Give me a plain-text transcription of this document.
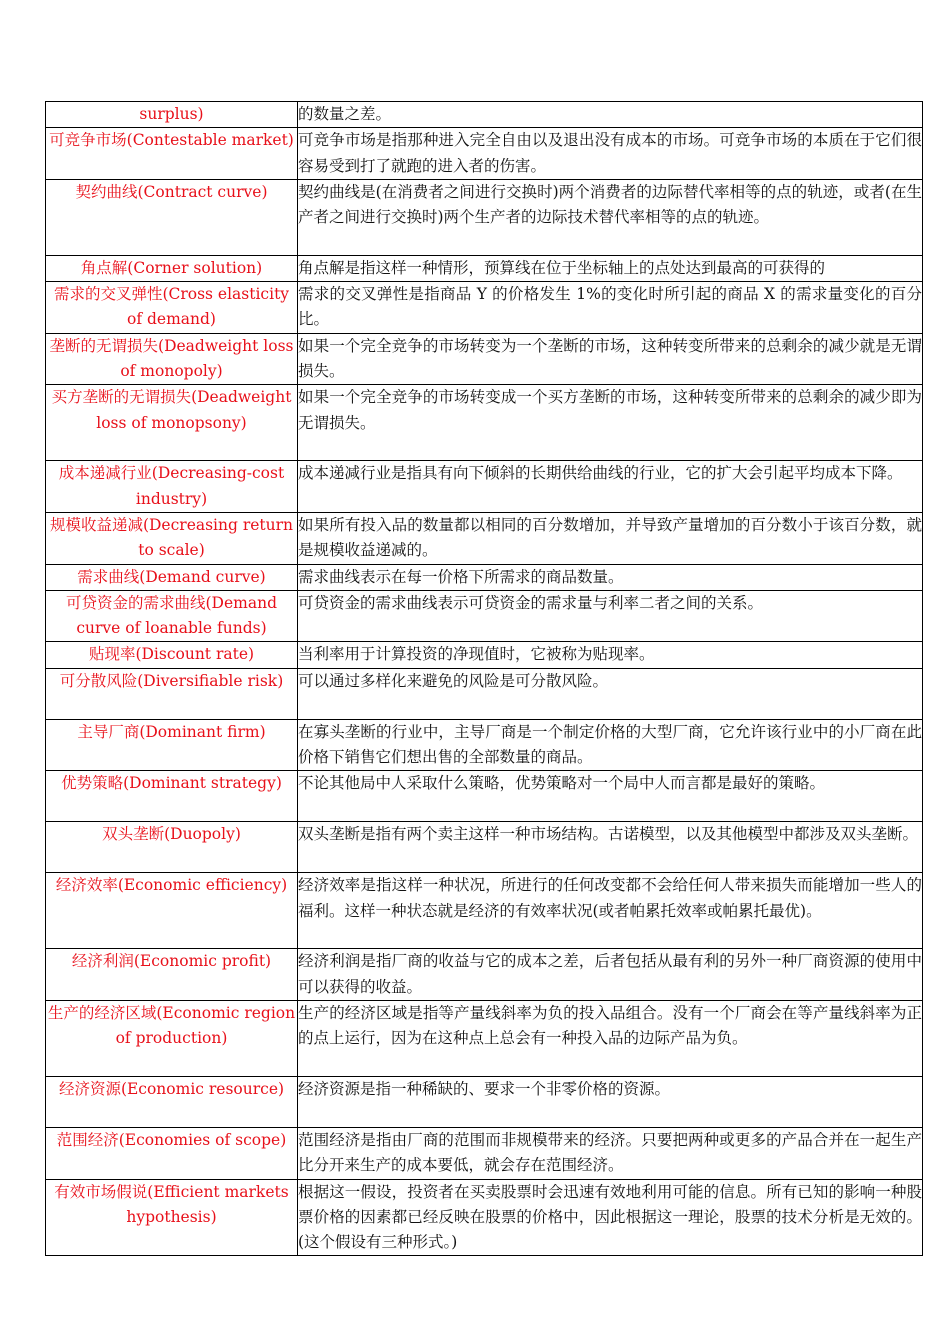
surplus)	的数量之差。
可竞争市场(Contestable market)	可竞争市场是指那种进入完全自由以及退出没有成本的市场。可竞争市场的本质在于它们很容易受到打了就跑的进入者的伤害。
契约曲线(Contract curve)	契约曲线是(在消费者之间进行交换时)两个消费者的边际替代率相等的点的轨迹，或者(在生产者之间进行交换时)两个生产者的边际技术替代率相等的点的轨迹。
角点解(Corner solution)	角点解是指这样一种情形，预算线在位于坐标轴上的点处达到最高的可获得的
需求的交叉弹性(Cross elasticity of demand)	需求的交叉弹性是指商品 Y 的价格发生 1%的变化时所引起的商品 X 的需求量变化的百分比。
垄断的无谓损失(Deadweight loss of monopoly)	如果一个完全竞争的市场转变为一个垄断的市场，这种转变所带来的总剩余的减少就是无谓损失。
买方垄断的无谓损失(Deadweight loss of monopsony)	如果一个完全竞争的市场转变成一个买方垄断的市场，这种转变所带来的总剩余的减少即为无谓损失。
成本递减行业(Decreasing-cost industry)	成本递减行业是指具有向下倾斜的长期供给曲线的行业，它的扩大会引起平均成本下降。
规模收益递减(Decreasing return to scale)	如果所有投入品的数量都以相同的百分数增加，并导致产量增加的百分数小于该百分数，就是规模收益递减的。
需求曲线(Demand curve)	需求曲线表示在每一价格下所需求的商品数量。
可贷资金的需求曲线(Demand curve of loanable funds)	可贷资金的需求曲线表示可贷资金的需求量与利率二者之间的关系。
贴现率(Discount rate)	当利率用于计算投资的净现值时，它被称为贴现率。
可分散风险(Diversifiable risk)	可以通过多样化来避免的风险是可分散风险。
主导厂商(Dominant firm)	在寡头垄断的行业中，主导厂商是一个制定价格的大型厂商，它允许该行业中的小厂商在此价格下销售它们想出售的全部数量的商品。
优势策略(Dominant strategy)	不论其他局中人采取什么策略，优势策略对一个局中人而言都是最好的策略。
双头垄断(Duopoly)	双头垄断是指有两个卖主这样一种市场结构。古诺模型，以及其他模型中都涉及双头垄断。
经济效率(Economic efficiency)	经济效率是指这样一种状况，所进行的任何改变都不会给任何人带来损失而能增加一些人的福利。这样一种状态就是经济的有效率状况(或者帕累托效率或帕累托最优)。
经济利润(Economic profit)	经济利润是指厂商的收益与它的成本之差，后者包括从最有利的另外一种厂商资源的使用中可以获得的收益。
生产的经济区域(Economic region of production)	生产的经济区域是指等产量线斜率为负的投入品组合。没有一个厂商会在等产量线斜率为正的点上运行，因为在这种点上总会有一种投入品的边际产品为负。
经济资源(Economic resource)	经济资源是指一种稀缺的、要求一个非零价格的资源。
范围经济(Economies of scope)	范围经济是指由厂商的范围而非规模带来的经济。只要把两种或更多的产品合并在一起生产比分开来生产的成本要低，就会存在范围经济。
有效市场假说(Efficient markets hypothesis)	根据这一假设，投资者在买卖股票时会迅速有效地利用可能的信息。所有已知的影响一种股票价格的因素都已经反映在股票的价格中，因此根据这一理论，股票的技术分析是无效的。(这个假设有三种形式。)
